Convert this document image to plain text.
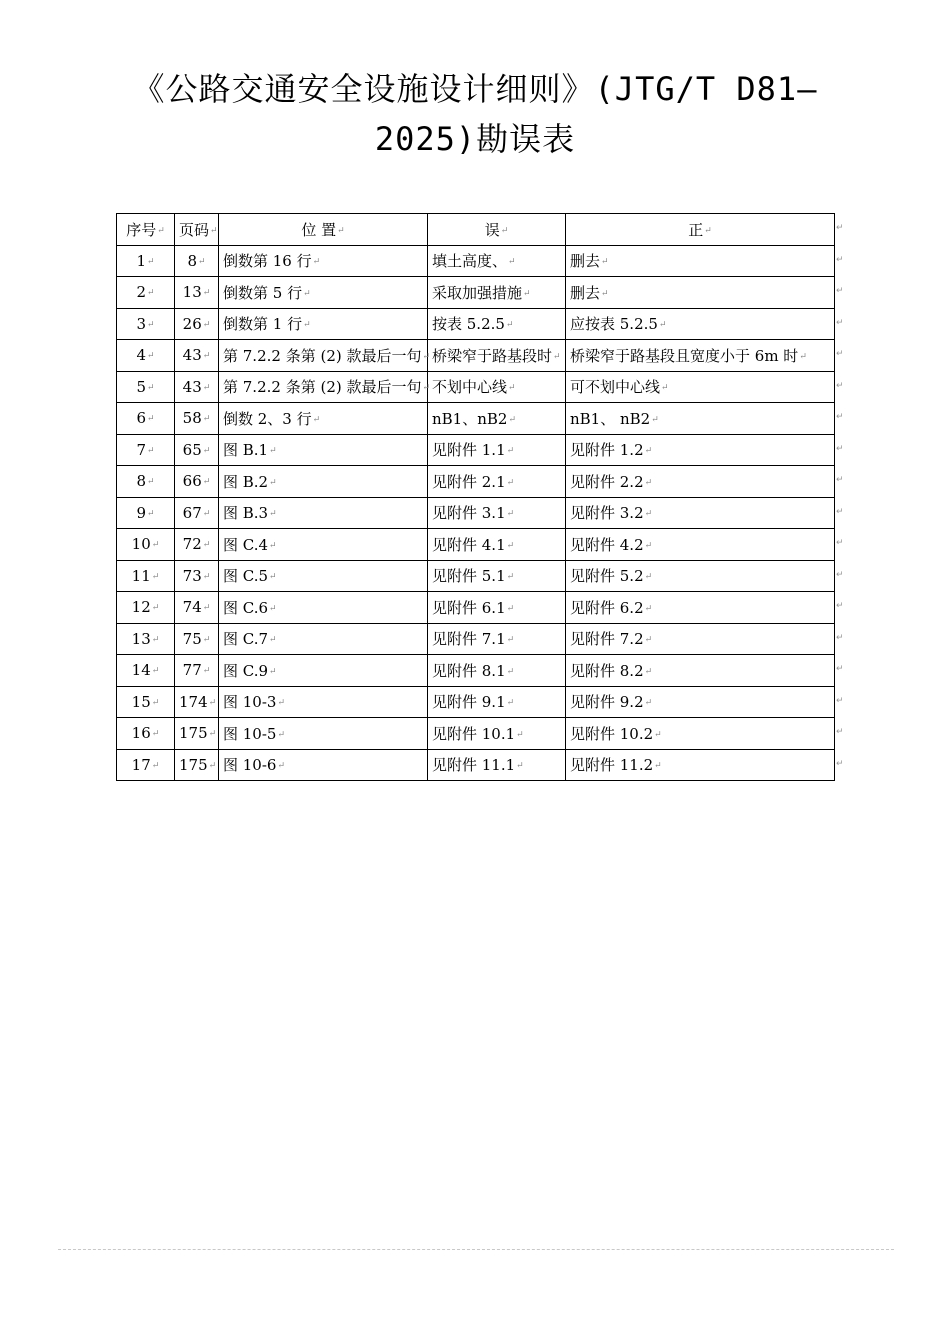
《公路交通安全设施设计细则》(JTG/T D81—
2025)勘误表
序号↵	页码↵	位 置↵	误↵	正↵
1↵	8↵	倒数第 16 行↵	填土高度、↵	删去↵
2↵	13↵	倒数第 5 行↵	采取加强措施↵	删去↵
3↵	26↵	倒数第 1 行↵	按表 5.2.5↵	应按表 5.2.5↵
4↵	43↵	第 7.2.2 条第 (2) 款最后一句↵	桥梁窄于路基段时↵	桥梁窄于路基段且宽度小于 6m 时↵
5↵	43↵	第 7.2.2 条第 (2) 款最后一句↵	不划中心线↵	可不划中心线↵
6↵	58↵	倒数 2、3 行↵	nB1、nB2↵	nB1、 nB2↵
7↵	65↵	图 B.1↵	见附件 1.1↵	见附件 1.2↵
8↵	66↵	图 B.2↵	见附件 2.1↵	见附件 2.2↵
9↵	67↵	图 B.3↵	见附件 3.1↵	见附件 3.2↵
10↵	72↵	图 C.4↵	见附件 4.1↵	见附件 4.2↵
11↵	73↵	图 C.5↵	见附件 5.1↵	见附件 5.2↵
12↵	74↵	图 C.6↵	见附件 6.1↵	见附件 6.2↵
13↵	75↵	图 C.7↵	见附件 7.1↵	见附件 7.2↵
14↵	77↵	图 C.9↵	见附件 8.1↵	见附件 8.2↵
15↵	174↵	图 10-3↵	见附件 9.1↵	见附件 9.2↵
16↵	175↵	图 10-5↵	见附件 10.1↵	见附件 10.2↵
17↵	175↵	图 10-6↵	见附件 11.1↵	见附件 11.2↵
↵
↵
↵
↵
↵
↵
↵
↵
↵
↵
↵
↵
↵
↵
↵
↵
↵
↵
